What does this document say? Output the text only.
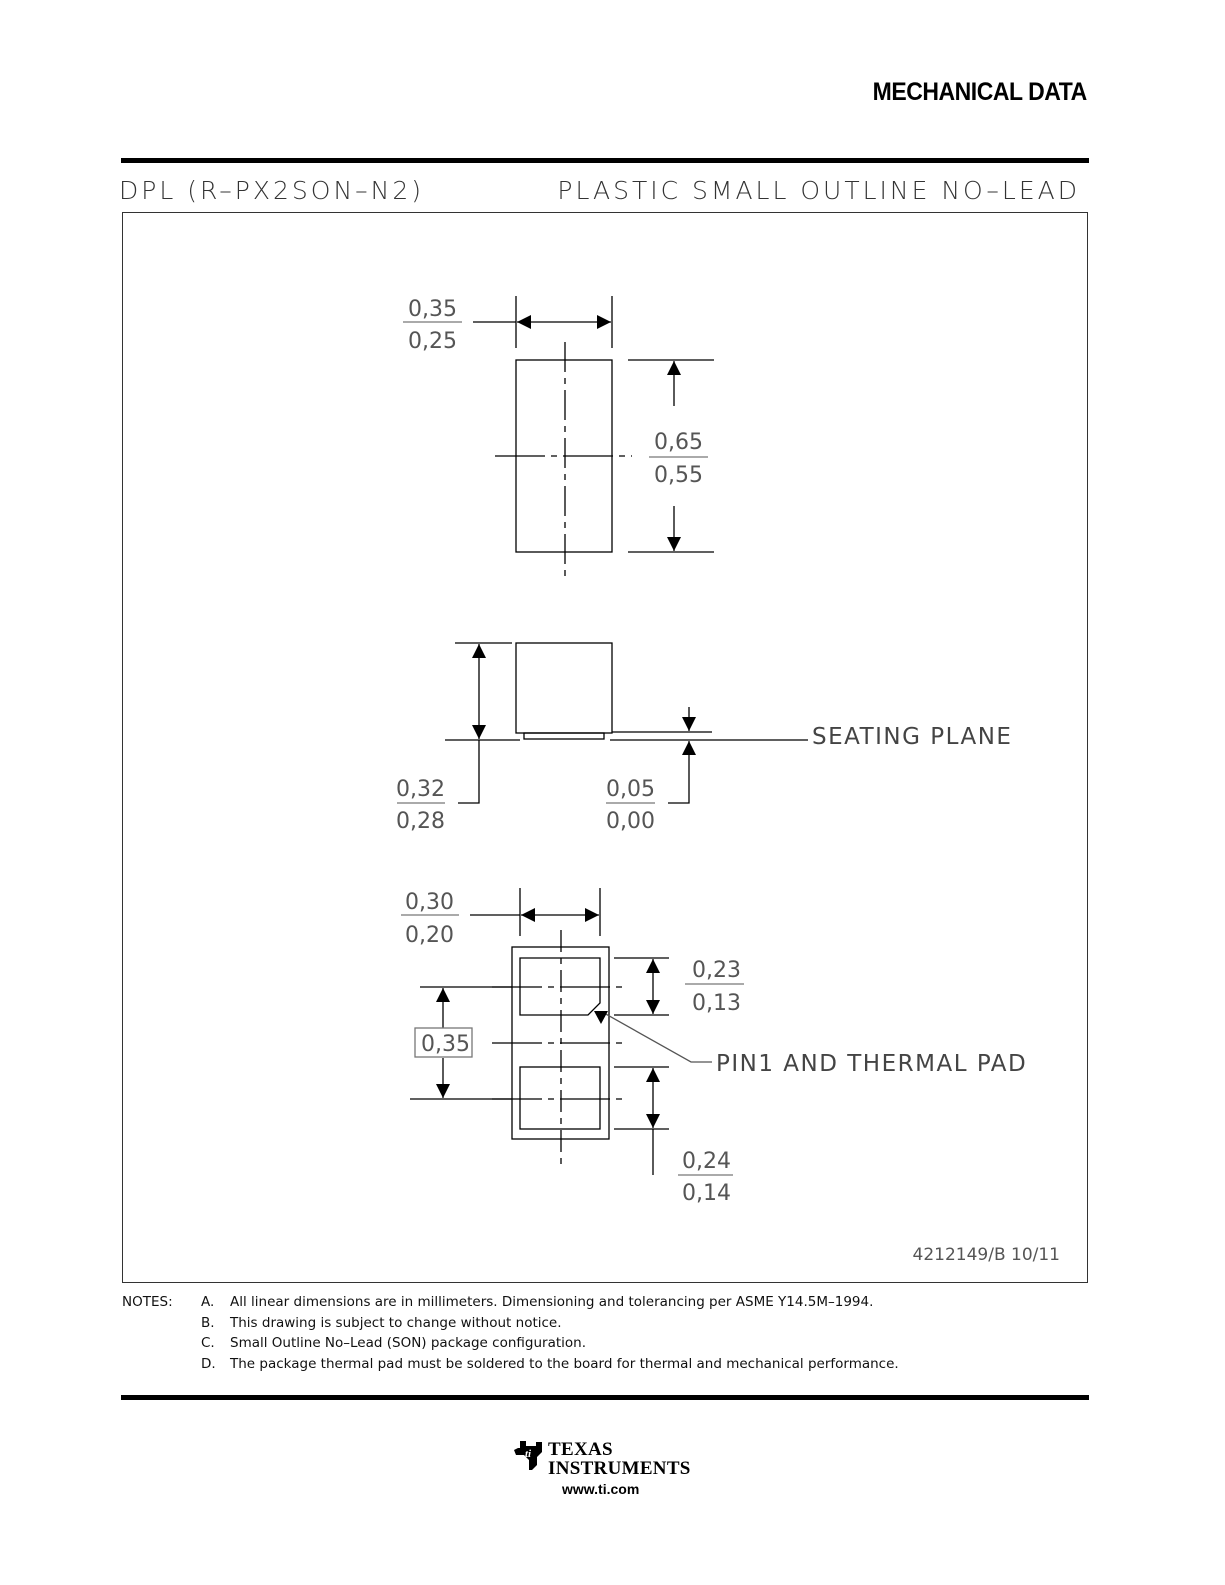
MECHANICAL DATA
DPL (R–PX2SON–N2)	PLASTIC SMALL OUTLINE NO–LEAD
0,35
0,25
0,65
0,55
SEATING PLANE
0,32
0,28
0,05
0,00
0,30
0,20
0,23
0,13
0,35
0,24
0,14
PIN1 AND THERMAL PAD
4212149/B 10/11
NOTES: A. All linear dimensions are in millimeters. Dimensioning and tolerancing per ASME Y14.5M–1994.
B. This drawing is subject to change without notice.
C. Small Outline No–Lead (SON) package configuration.
D. The package thermal pad must be soldered to the board for thermal and mechanical performance.
ti TEXAS
INSTRUMENTS
www.ti.com
